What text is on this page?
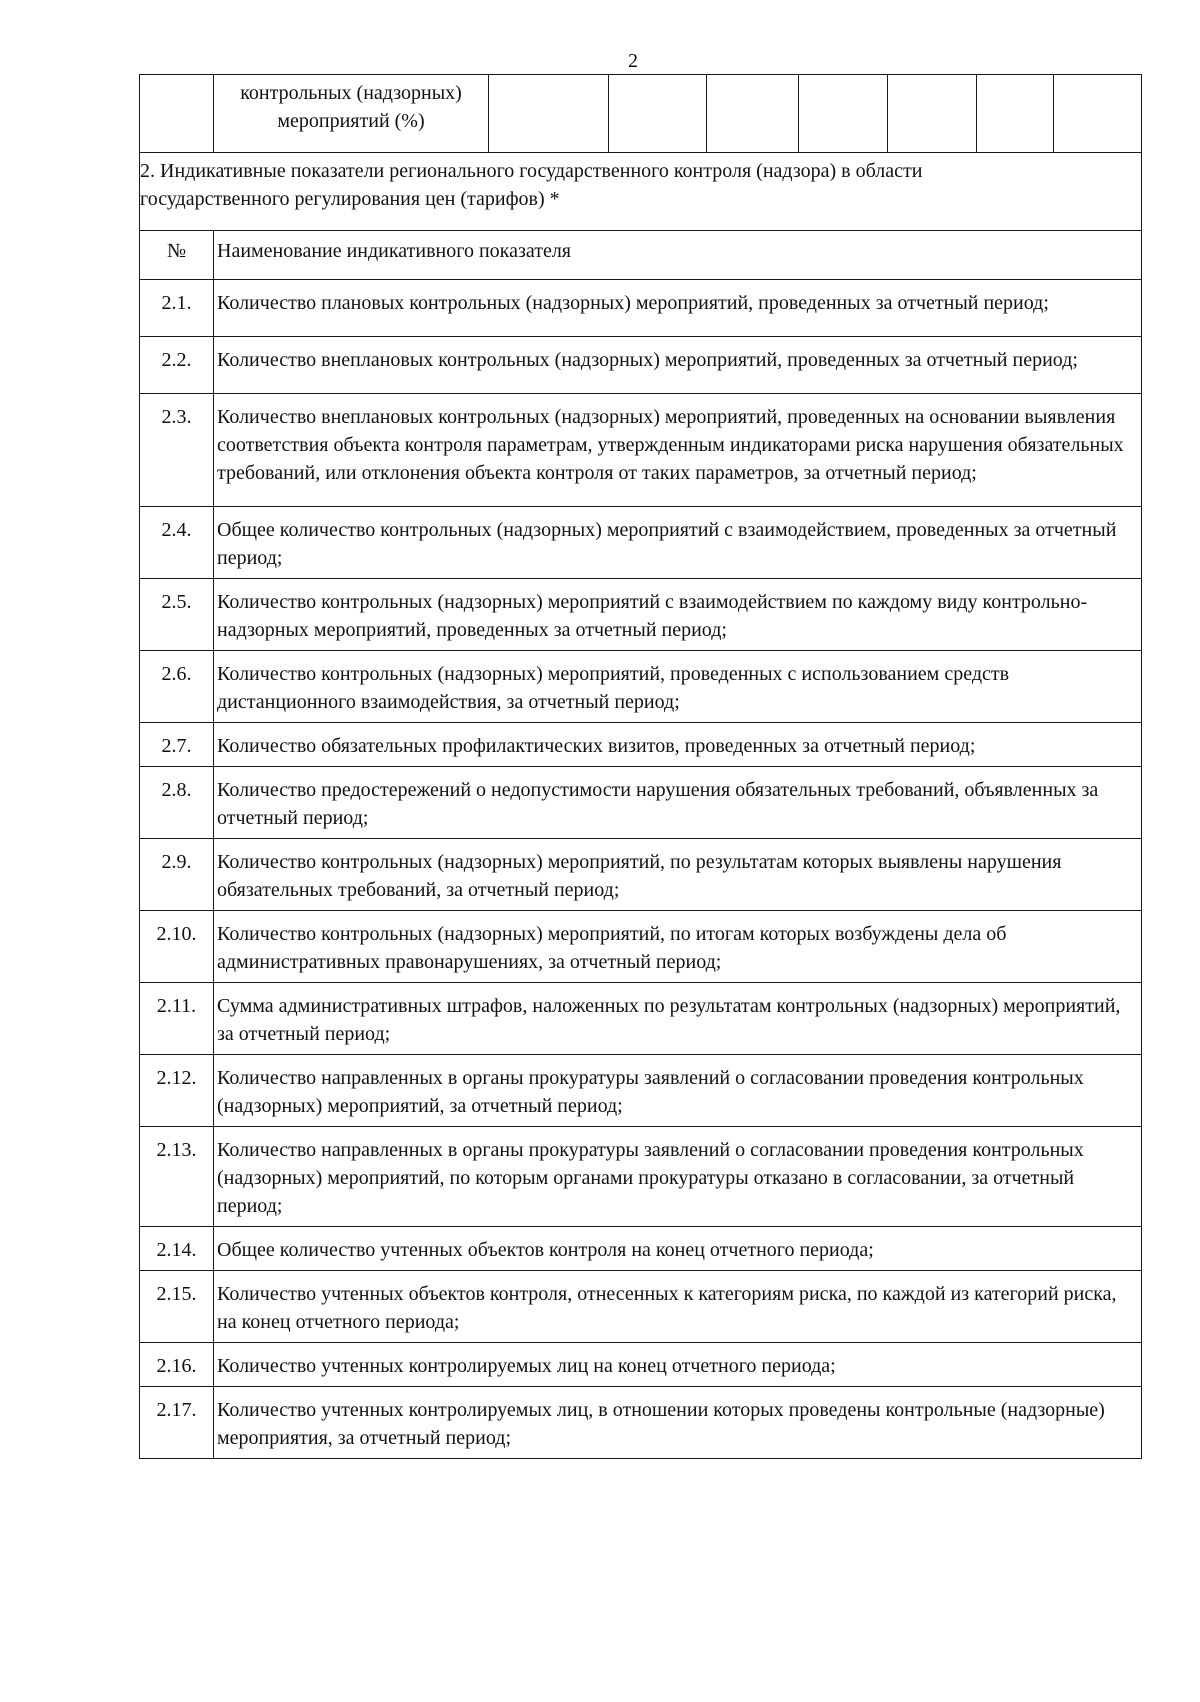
2

	контрольных (надзорных)
мероприятий (%)							

2. Индикативные показатели регионального государственного контроля (надзора) в области
государственного регулирования цен (тарифов) *								

№	Наименование индикативного показателя							
2.1.	Количество плановых контрольных (надзорных) мероприятий, проведенных за отчетный период;							
2.2.	Количество внеплановых контрольных (надзорных) мероприятий, проведенных за отчетный период;							
2.3.	Количество внеплановых контрольных (надзорных) мероприятий, проведенных на основании выявления соответствия объекта контроля параметрам, утвержденным индикаторами риска нарушения обязательных требований, или отклонения объекта контроля от таких параметров, за отчетный период;							
2.4.	Общее количество контрольных (надзорных) мероприятий с взаимодействием, проведенных за отчетный период;							
2.5.	Количество контрольных (надзорных) мероприятий с взаимодействием по каждому виду контрольно-надзорных мероприятий, проведенных за отчетный период;							
2.6.	Количество контрольных (надзорных) мероприятий, проведенных с использованием средств дистанционного взаимодействия, за отчетный период;							
2.7.	Количество обязательных профилактических визитов, проведенных за отчетный период;							
2.8.	Количество предостережений о недопустимости нарушения обязательных требований, объявленных за отчетный период;							
2.9.	Количество контрольных (надзорных) мероприятий, по результатам которых выявлены нарушения обязательных требований, за отчетный период;							
2.10.	Количество контрольных (надзорных) мероприятий, по итогам которых возбуждены дела об административных правонарушениях, за отчетный период;							
2.11.	Сумма административных штрафов, наложенных по результатам контрольных (надзорных) мероприятий, за отчетный период;							
2.12.	Количество направленных в органы прокуратуры заявлений о согласовании проведения контрольных (надзорных) мероприятий, за отчетный период;							
2.13.	Количество направленных в органы прокуратуры заявлений о согласовании проведения контрольных (надзорных) мероприятий, по которым органами прокуратуры отказано в согласовании, за отчетный период;							
2.14.	Общее количество учтенных объектов контроля на конец отчетного периода;							
2.15.	Количество учтенных объектов контроля, отнесенных к категориям риска, по каждой из категорий риска, на конец отчетного периода;							
2.16.	Количество учтенных контролируемых лиц на конец отчетного периода;							
2.17.	Количество учтенных контролируемых лиц, в отношении которых проведены контрольные (надзорные) мероприятия, за отчетный период;							
